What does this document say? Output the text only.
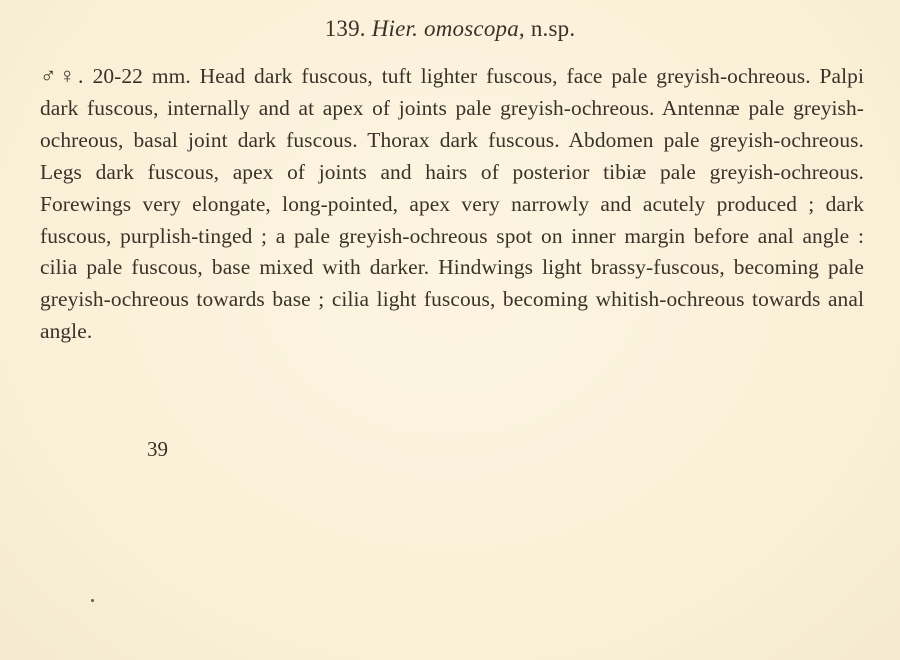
139. Hier. omoscopa, n.sp.
♂♀. 20-22 mm. Head dark fuscous, tuft lighter fuscous, face pale greyish-ochreous. Palpi dark fuscous, internally and at apex of joints pale greyish-ochreous. Antennæ pale greyish-ochreous, basal joint dark fuscous. Thorax dark fuscous. Abdomen pale greyish-ochreous. Legs dark fuscous, apex of joints and hairs of posterior tibiæ pale greyish-ochreous. Forewings very elongate, long-pointed, apex very narrowly and acutely produced ; dark fuscous, purplish-tinged ; a pale greyish-ochreous spot on inner margin before anal angle : cilia pale fuscous, base mixed with darker. Hindwings light brassy-fuscous, becoming pale greyish-ochreous towards base ; cilia light fuscous, becoming whitish-ochreous towards anal angle.
39
